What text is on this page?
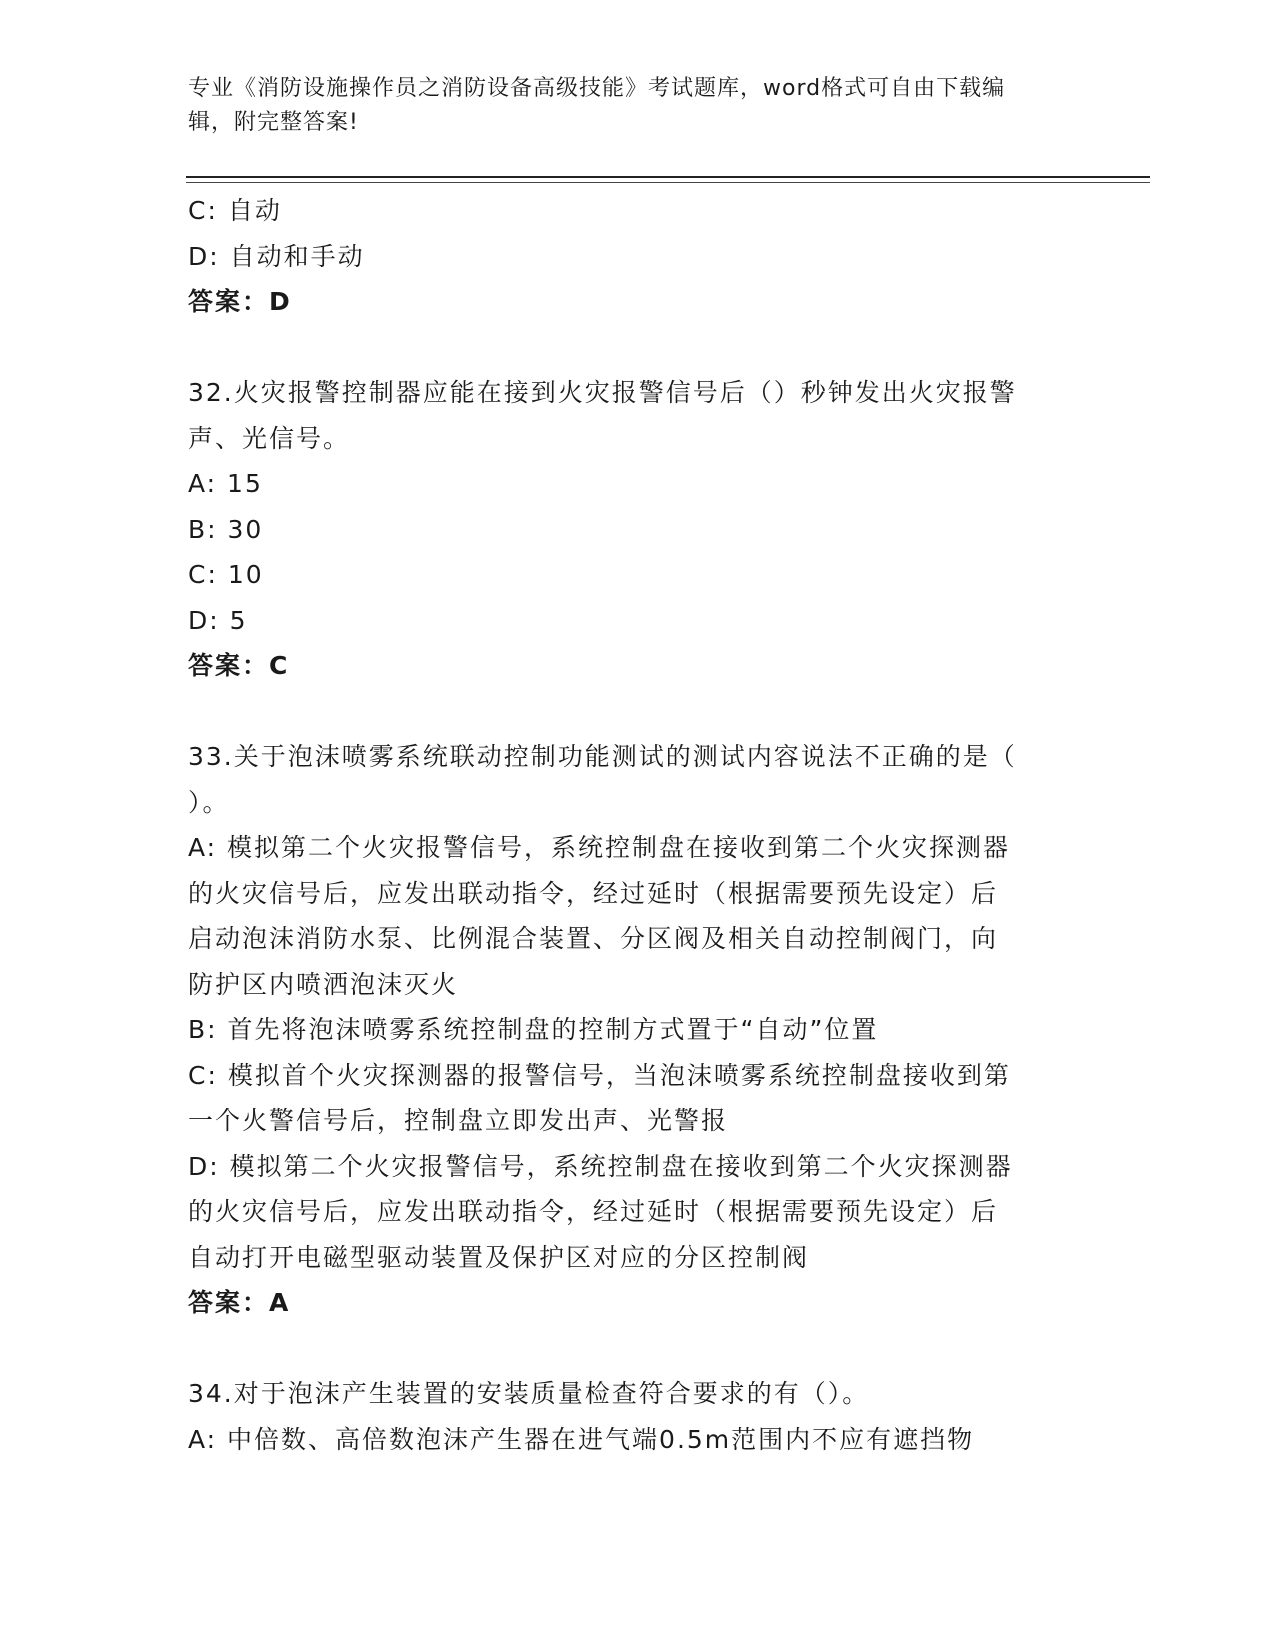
专业《消防设施操作员之消防设备高级技能》考试题库，word格式可自由下载编
辑，附完整答案!
C: 自动
D: 自动和手动
答案：D
32.火灾报警控制器应能在接到火灾报警信号后（）秒钟发出火灾报警
声、光信号。
A: 15
B: 30
C: 10
D: 5
答案：C
33.关于泡沫喷雾系统联动控制功能测试的测试内容说法不正确的是（
）。
A: 模拟第二个火灾报警信号，系统控制盘在接收到第二个火灾探测器
的火灾信号后，应发出联动指令，经过延时（根据需要预先设定）后
启动泡沫消防水泵、比例混合装置、分区阀及相关自动控制阀门，向
防护区内喷洒泡沫灭火
B: 首先将泡沫喷雾系统控制盘的控制方式置于“自动”位置
C: 模拟首个火灾探测器的报警信号，当泡沫喷雾系统控制盘接收到第
一个火警信号后，控制盘立即发出声、光警报
D: 模拟第二个火灾报警信号，系统控制盘在接收到第二个火灾探测器
的火灾信号后，应发出联动指令，经过延时（根据需要预先设定）后
自动打开电磁型驱动装置及保护区对应的分区控制阀
答案：A
34.对于泡沫产生装置的安装质量检查符合要求的有（）。
A: 中倍数、高倍数泡沫产生器在进气端0.5m范围内不应有遮挡物
